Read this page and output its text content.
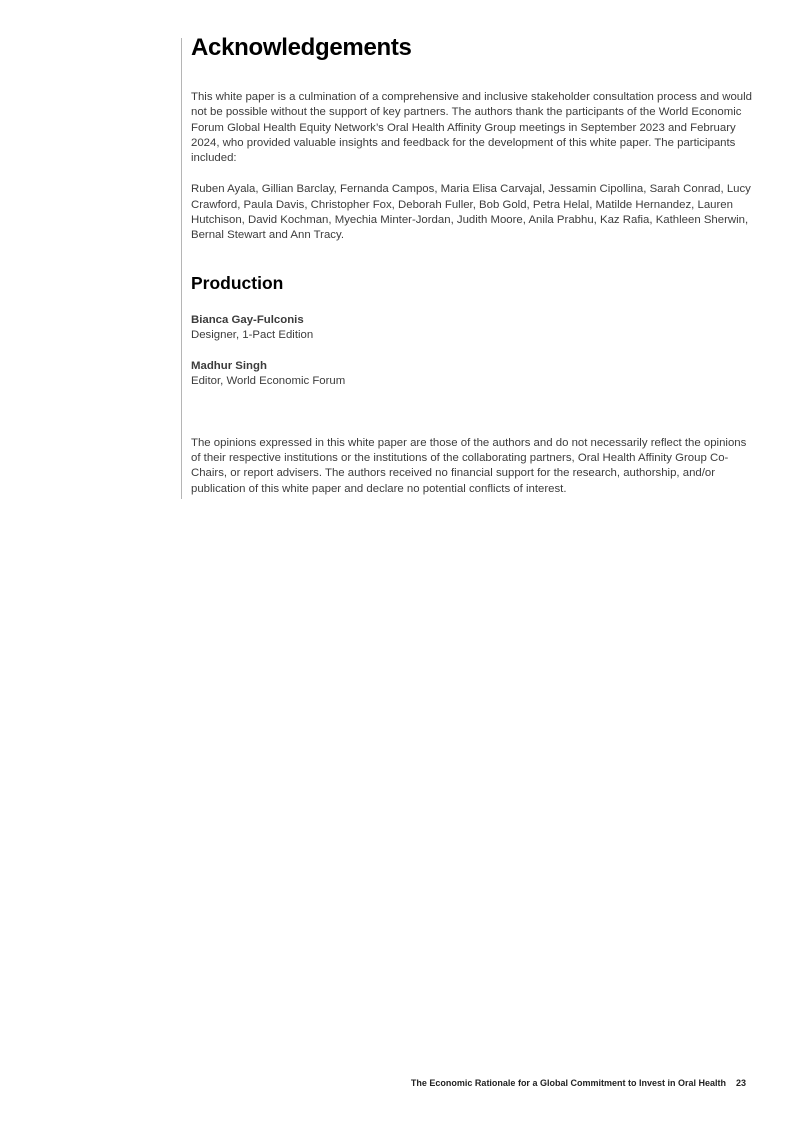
Acknowledgements

This white paper is a culmination of a comprehensive and inclusive stakeholder consultation process and would not be possible without the support of key partners. The authors thank the participants of the World Economic Forum Global Health Equity Network’s Oral Health Affinity Group meetings in September 2023 and February 2024, who provided valuable insights and feedback for the development of this white paper. The participants included:

Ruben Ayala, Gillian Barclay, Fernanda Campos, Maria Elisa Carvajal, Jessamin Cipollina, Sarah Conrad, Lucy Crawford, Paula Davis, Christopher Fox, Deborah Fuller, Bob Gold, Petra Helal, Matilde Hernandez, Lauren Hutchison, David Kochman, Myechia Minter-Jordan, Judith Moore, Anila Prabhu, Kaz Rafia, Kathleen Sherwin, Bernal Stewart and Ann Tracy.

Production
Bianca Gay-Fulconis
Designer, 1-Pact Edition
Madhur Singh
Editor, World Economic Forum

The opinions expressed in this white paper are those of the authors and do not necessarily reflect the opinions of their respective institutions or the institutions of the collaborating partners, Oral Health Affinity Group Co-Chairs, or report advisers. The authors received no financial support for the research, authorship, and/or publication of this white paper and declare no potential conflicts of interest.

The Economic Rationale for a Global Commitment to Invest in Oral Health 23
